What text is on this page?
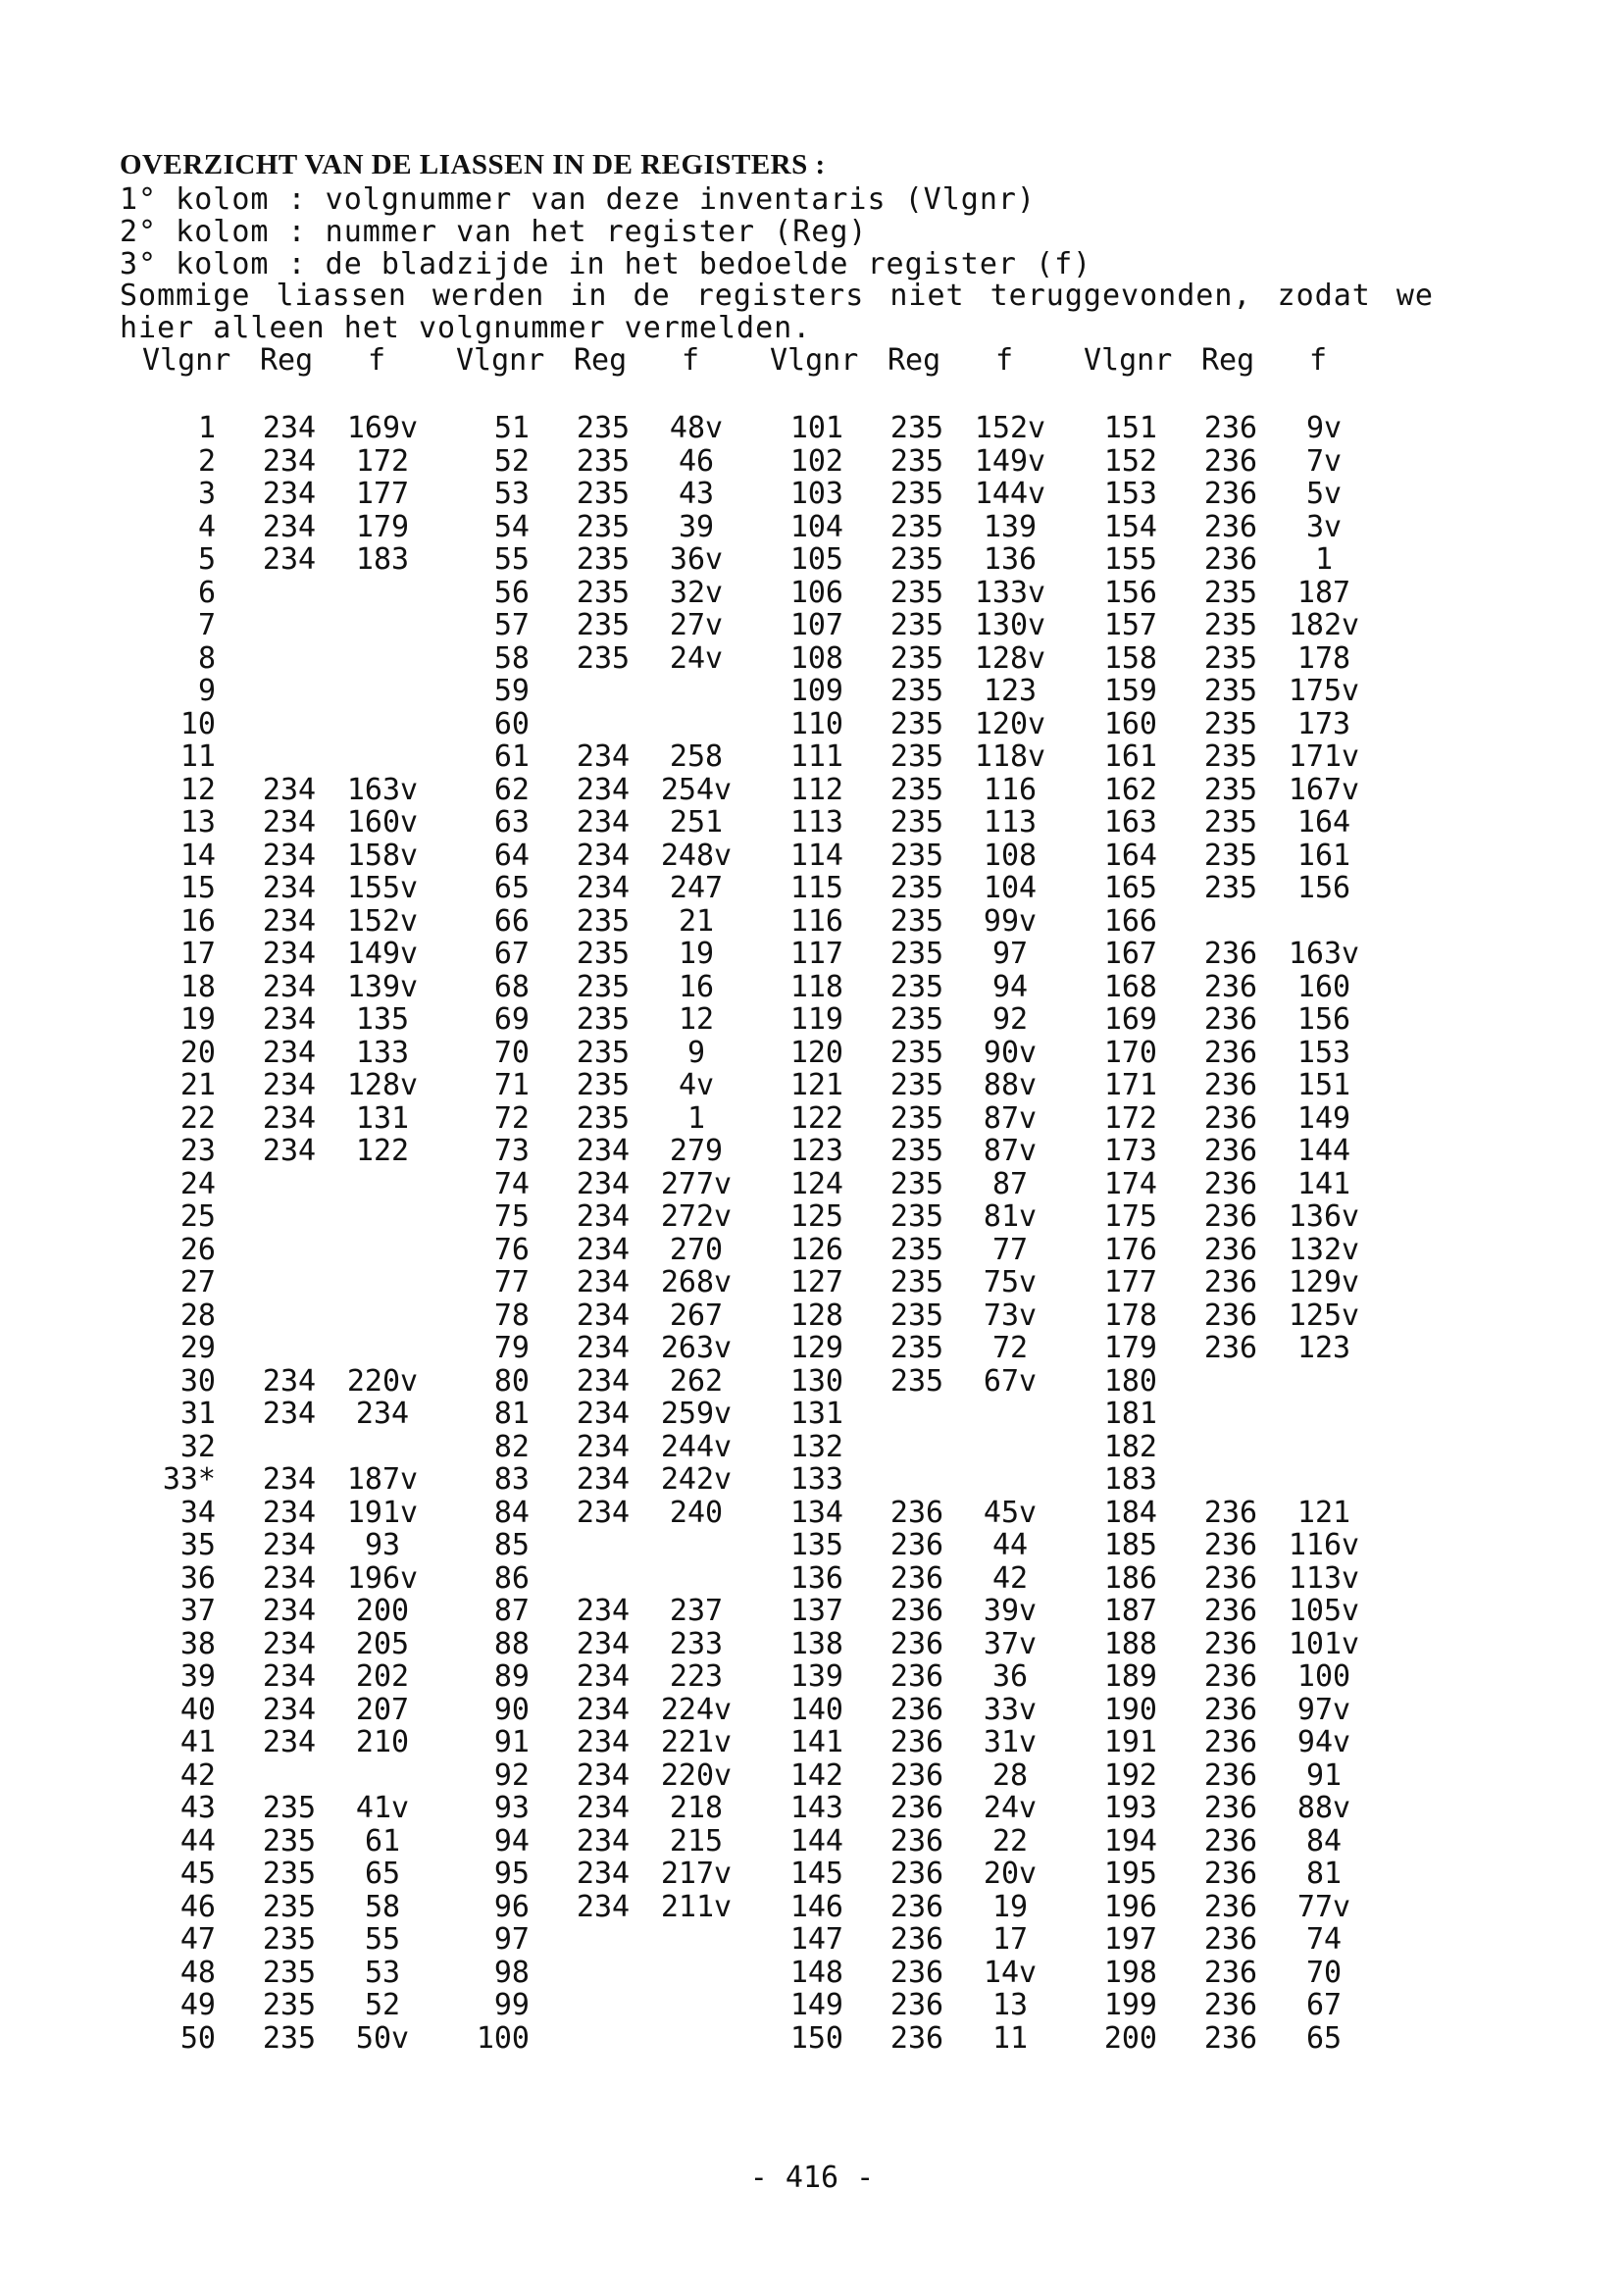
OVERZICHT VAN DE LIASSEN IN DE REGISTERS :
1° kolom : volgnummer van deze inventaris (Vlgnr)
2° kolom : nummer van het register (Reg)
3° kolom : de bladzijde in het bedoelde register (f)
Sommige liassen werden in de registers niet teruggevonden, zodat we hier alleen het volgnummer vermelden.
Vlgnr Reg f
1
2
3
4
5
6
7
8
9
10
11
12
13
14
15
16
17
18
19
20
21
22
23
24
25
26
27
28
29
30
31
32
33*
34
35
36
37
38
39
40
41
42
43
44
45
46
47
48
49
50
234
234
234
234
234
234
234
234
234
234
234
234
234
234
234
234
234
234
234
234
234
234
234
234
234
234
234
234
235
235
235
235
235
235
235
235
169v
172
177
179
183
163v
160v
158v
155v
152v
149v
139v
135
133
128v
131
122
220v
234
187v
191v
93
196v
200
205
202
207
210
41v
61
65
58
55
53
52
50v
Vlgnr Reg f
51
52
53
54
55
56
57
58
59
60
61
62
63
64
65
66
67
68
69
70
71
72
73
74
75
76
77
78
79
80
81
82
83
84
85
86
87
88
89
90
91
92
93
94
95
96
97
98
99
100
235
235
235
235
235
235
235
235
234
234
234
234
234
235
235
235
235
235
235
235
234
234
234
234
234
234
234
234
234
234
234
234
234
234
234
234
234
234
234
234
234
234
48v
46
43
39
36v
32v
27v
24v
258
254v
251
248v
247
21
19
16
12
9
4v
1
279
277v
272v
270
268v
267
263v
262
259v
244v
242v
240
237
233
223
224v
221v
220v
218
215
217v
211v
Vlgnr Reg f
101
102
103
104
105
106
107
108
109
110
111
112
113
114
115
116
117
118
119
120
121
122
123
124
125
126
127
128
129
130
131
132
133
134
135
136
137
138
139
140
141
142
143
144
145
146
147
148
149
150
235
235
235
235
235
235
235
235
235
235
235
235
235
235
235
235
235
235
235
235
235
235
235
235
235
235
235
235
235
235
236
236
236
236
236
236
236
236
236
236
236
236
236
236
236
236
236
152v
149v
144v
139
136
133v
130v
128v
123
120v
118v
116
113
108
104
99v
97
94
92
90v
88v
87v
87v
87
81v
77
75v
73v
72
67v
45v
44
42
39v
37v
36
33v
31v
28
24v
22
20v
19
17
14v
13
11
Vlgnr Reg f
151
152
153
154
155
156
157
158
159
160
161
162
163
164
165
166
167
168
169
170
171
172
173
174
175
176
177
178
179
180
181
182
183
184
185
186
187
188
189
190
191
192
193
194
195
196
197
198
199
200
236
236
236
236
236
235
235
235
235
235
235
235
235
235
235
236
236
236
236
236
236
236
236
236
236
236
236
236
236
236
236
236
236
236
236
236
236
236
236
236
236
236
236
236
236
9v
7v
5v
3v
1
187
182v
178
175v
173
171v
167v
164
161
156
163v
160
156
153
151
149
144
141
136v
132v
129v
125v
123
121
116v
113v
105v
101v
100
97v
94v
91
88v
84
81
77v
74
70
67
65
- 416 -
